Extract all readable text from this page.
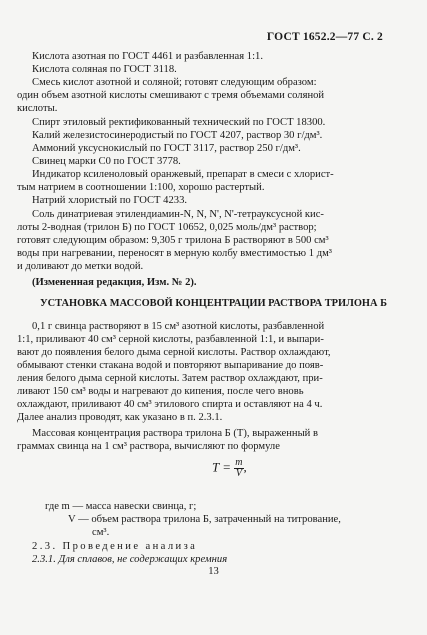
ГОСТ 1652.2—77 С. 2
Кислота азотная по ГОСТ 4461 и разбавленная 1:1.
Кислота соляная по ГОСТ 3118.
Смесь кислот азотной и соляной; готовят следующим образом:
один объем азотной кислоты смешивают с тремя объемами соляной
кислоты.
Спирт этиловый ректификованный технический по ГОСТ 18300.
Калий железистосинеродистый по ГОСТ 4207, раствор 30 г/дм³.
Аммоний уксуснокислый по ГОСТ 3117, раствор 250 г/дм³.
Свинец марки С0 по ГОСТ 3778.
Индикатор ксиленоловый оранжевый, препарат в смеси с хлорист-
тым натрием в соотношении 1:100, хорошо растертый.
Натрий хлористый по ГОСТ 4233.
Соль динатриевая этилендиамин-N, N, N', N'-тетрауксусной кис-
лоты 2-водная (трилон Б) по ГОСТ 10652, 0,025 моль/дм³ раствор;
готовят следующим образом: 9,305 г трилона Б растворяют в 500 см³
воды при нагревании, переносят в мерную колбу вместимостью 1 дм³
и доливают до метки водой.
(Измененная редакция, Изм. № 2).
УСТАНОВКА МАССОВОЙ КОНЦЕНТРАЦИИ РАСТВОРА ТРИЛОНА Б
0,1 г свинца растворяют в 15 см³ азотной кислоты, разбавленной
1:1, приливают 40 см³ серной кислоты, разбавленной 1:1, и выпари-
вают до появления белого дыма серной кислоты. Раствор охлаждают,
обмывают стенки стакана водой и повторяют выпаривание до появ-
ления белого дыма серной кислоты. Затем раствор охлаждают, при-
ливают 150 см³ воды и нагревают до кипения, после чего вновь
охлаждают, приливают 40 см³ этилового спирта и оставляют на 4 ч.
Далее анализ проводят, как указано в п. 2.3.1.
Массовая концентрация раствора трилона Б (T), выраженный в
граммах свинца на 1 см³ раствора, вычисляют по формуле
$T = \frac{m}{V}$ ,
где m — масса навески свинца, г;
V — объем раствора трилона Б, затраченный на титрование,
см³.
2.3. Проведение анализа
2.3.1. Для сплавов, не содержащих кремния
13
